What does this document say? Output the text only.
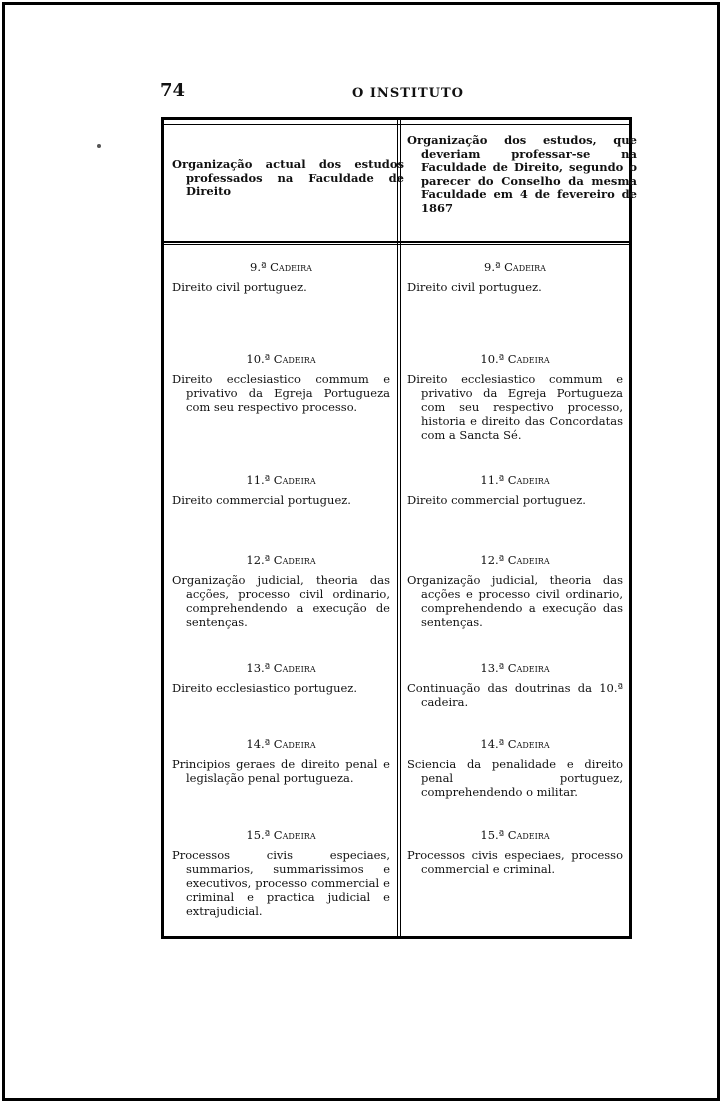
74	O INSTITUTO
Organização actual dos estudos professados na Faculdade de Direito
Organização dos estudos, que deveriam professar-se na Faculdade de Direito, segundo o parecer do Conselho da mesma Faculdade em 4 de fevereiro de 1867
9.ª Cadeira
Direito civil portuguez.
9.ª Cadeira
Direito civil portuguez.
10.ª Cadeira
Direito ecclesiastico commum e privativo da Egreja Portugueza com seu respectivo processo.
10.ª Cadeira
Direito ecclesiastico commum e privativo da Egreja Portugueza com seu respectivo processo, historia e direito das Concordatas com a Sancta Sé.
11.ª Cadeira
Direito commercial portuguez.
11.ª Cadeira
Direito commercial portuguez.
12.ª Cadeira
Organização judicial, theoria das acções, processo civil ordinario, comprehendendo a execução de sentenças.
12.ª Cadeira
Organização judicial, theoria das acções e processo civil ordinario, comprehendendo a execução das sentenças.
13.ª Cadeira
Direito ecclesiastico portuguez.
13.ª Cadeira
Continuação das doutrinas da 10.ª cadeira.
14.ª Cadeira
Principios geraes de direito penal e legislação penal portugueza.
14.ª Cadeira
Sciencia da penalidade e direito penal portuguez, comprehendendo o militar.
15.ª Cadeira
Processos civis especiaes, summarios, summarissimos e executivos, processo commercial e criminal e practica judicial e extrajudicial.
15.ª Cadeira
Processos civis especiaes, processo commercial e criminal.
